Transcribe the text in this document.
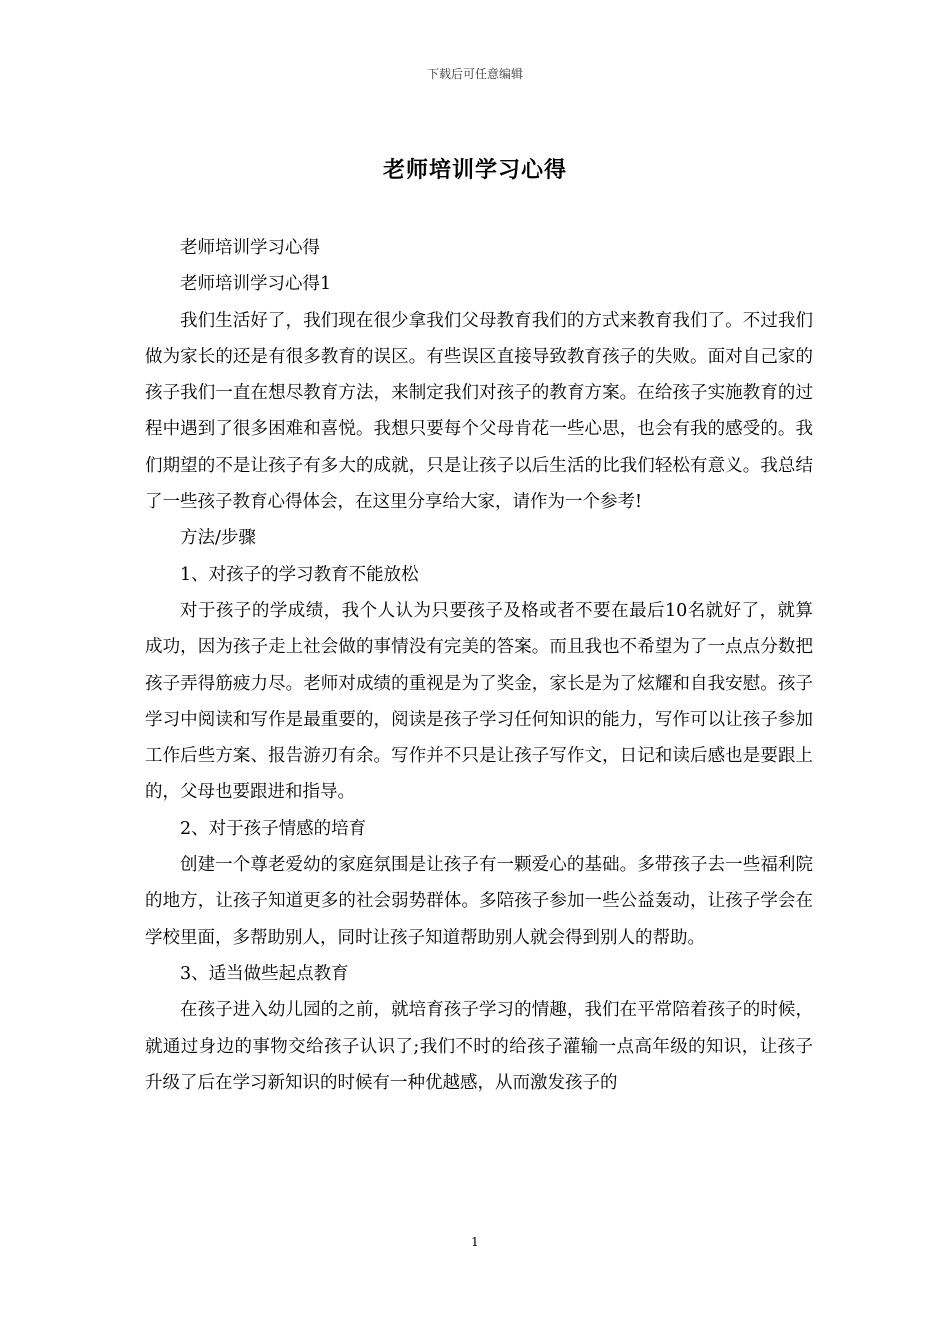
下载后可任意编辑
老师培训学习心得

老师培训学习心得

老师培训学习心得1

我们生活好了，我们现在很少拿我们父母教育我们的方式来教育我们了。不过我们做为家长的还是有很多教育的误区。有些误区直接导致教育孩子的失败。面对自己家的孩子我们一直在想尽教育方法，来制定我们对孩子的教育方案。在给孩子实施教育的过程中遇到了很多困难和喜悦。我想只要每个父母肯花一些心思，也会有我的感受的。我们期望的不是让孩子有多大的成就，只是让孩子以后生活的比我们轻松有意义。我总结了一些孩子教育心得体会，在这里分享给大家，请作为一个参考!

方法/步骤

1、对孩子的学习教育不能放松

对于孩子的学成绩，我个人认为只要孩子及格或者不要在最后10名就好了，就算成功，因为孩子走上社会做的事情没有完美的答案。而且我也不希望为了一点点分数把孩子弄得筋疲力尽。老师对成绩的重视是为了奖金，家长是为了炫耀和自我安慰。孩子学习中阅读和写作是最重要的，阅读是孩子学习任何知识的能力，写作可以让孩子参加工作后些方案、报告游刃有余。写作并不只是让孩子写作文，日记和读后感也是要跟上的，父母也要跟进和指导。

2、对于孩子情感的培育

创建一个尊老爱幼的家庭氛围是让孩子有一颗爱心的基础。多带孩子去一些福利院的地方，让孩子知道更多的社会弱势群体。多陪孩子参加一些公益轰动，让孩子学会在学校里面，多帮助别人，同时让孩子知道帮助别人就会得到别人的帮助。

3、适当做些起点教育

在孩子进入幼儿园的之前，就培育孩子学习的情趣，我们在平常陪着孩子的时候，就通过身边的事物交给孩子认识了;我们不时的给孩子灌输一点高年级的知识，让孩子升级了后在学习新知识的时候有一种优越感，从而激发孩子的

1
